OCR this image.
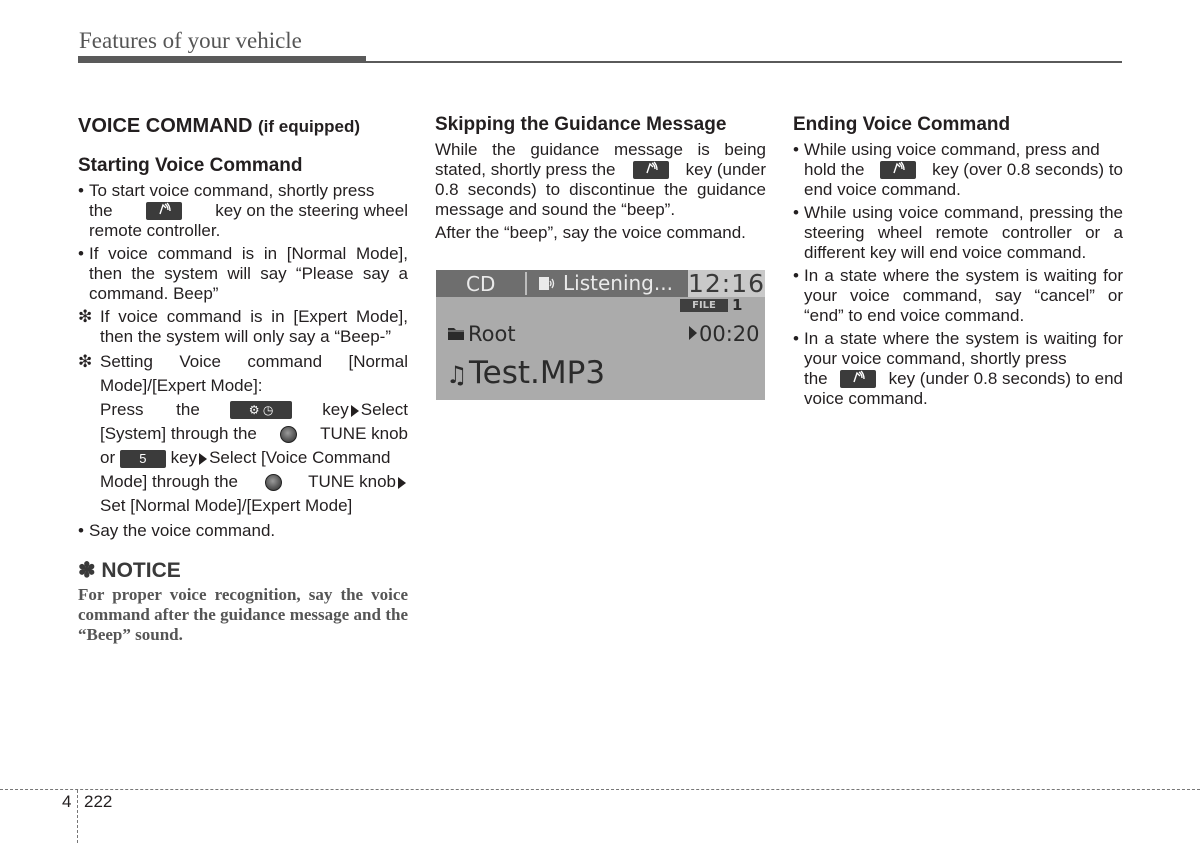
Features of your vehicle
VOICE COMMAND (if equipped)
Starting Voice Command
• To start voice command, shortly press
the	key on the steering wheel
remote controller.
• If voice command is in [Normal Mode], then the system will say “Please say a command. Beep”
❇ If voice command is in [Expert Mode], then the system will only say a “Beep-”
❇ Setting Voice command [Normal
Mode]/[Expert Mode]:
Press the	⚙ ◷	key Select
[System] through the	TUNE knob
or 5 key Select [Voice Command
Mode] through the	TUNE knob
Set [Normal Mode]/[Expert Mode]
• Say the voice command.
✽ NOTICE
For proper voice recognition, say the voice command after the guidance message and the “Beep” sound.
Skipping the Guidance Message

While the guidance message is being
stated, shortly press the	key (under
0.8 seconds) to discontinue the guidance message and sound the “beep”.

After the “beep”, say the voice command.

CD	Listening... 12:16
FILE	1
Root	00:20
♫ Test.MP3
Ending Voice Command
• While using voice command, press and
hold the	key (over 0.8 seconds) to
end voice command.
• While using voice command, pressing the steering wheel remote controller or a different key will end voice command.
• In a state where the system is waiting for your voice command, say “cancel” or “end” to end voice command.
• In a state where the system is waiting for your voice command, shortly press
the	key (under 0.8 seconds) to end
voice command.
4 222
